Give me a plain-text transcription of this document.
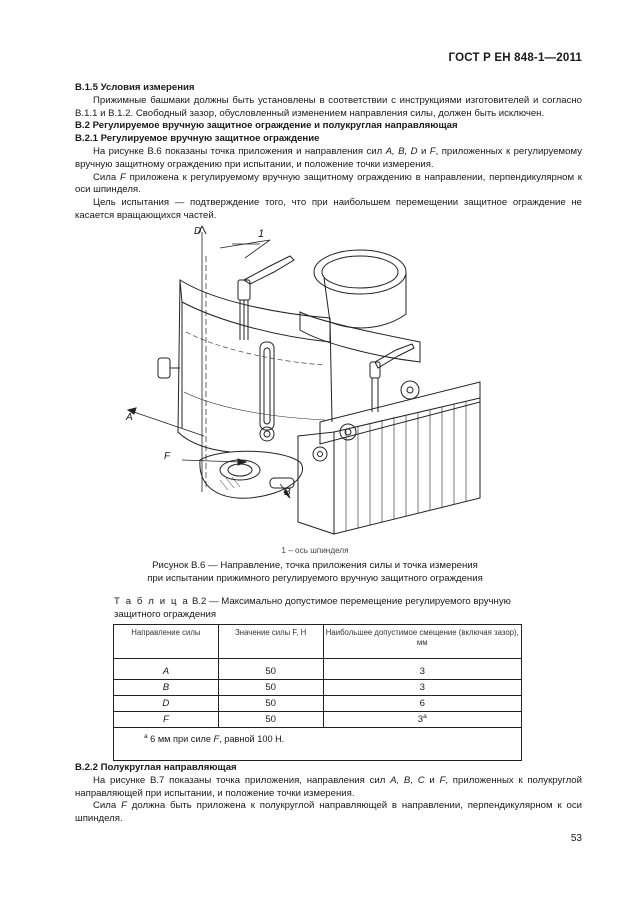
ГОСТ Р ЕН 848-1—2011

В.1.5 Условия измерения

Прижимные башмаки должны быть установлены в соответствии с инструкциями изготовителей и согласно В.1.1 и В.1.2. Свободный зазор, обусловленный изменением направления силы, должен быть исключен.

В.2 Регулируемое вручную защитное ограждение и полукруглая направляющая

В.2.1 Регулируемое вручную защитное ограждение

На рисунке В.6 показаны точка приложения и направления сил A, B, D и F, приложенных к регулируемому вручную защитному ограждению при испытании, и положение точки измерения.

Сила F приложена к регулируемому вручную защитному ограждению в направлении, перпендикулярном к оси шпинделя.

Цель испытания — подтверждение того, что при наибольшем перемещении защитное ограждение не касается вращающихся частей.

D	1
A
F
B
1 – ось шпинделя
Рисунок В.6 — Направление, точка приложения силы и точка измерения
при испытании прижимного регулируемого вручную защитного ограждения
Т а б л и ц а В.2 — Максимально допустимое перемещение регулируемого вручную защитного ограждения
Направление силы	Значение силы F, Н	Наибольшее допустимое смещение (включая зазор), мм
A	50	3
B	50	3
D	50	6
F	50	$3^а$
$^а$ 6 мм при силе F, равной 100 Н.		

В.2.2 Полукруглая направляющая

На рисунке В.7 показаны точка приложения, направления сил A, B, C и F, приложенных к полукруглой направляющей при испытании, и положение точки измерения.

Сила F должна быть приложена к полукруглой направляющей в направлении, перпендикулярном к оси шпинделя.

53
